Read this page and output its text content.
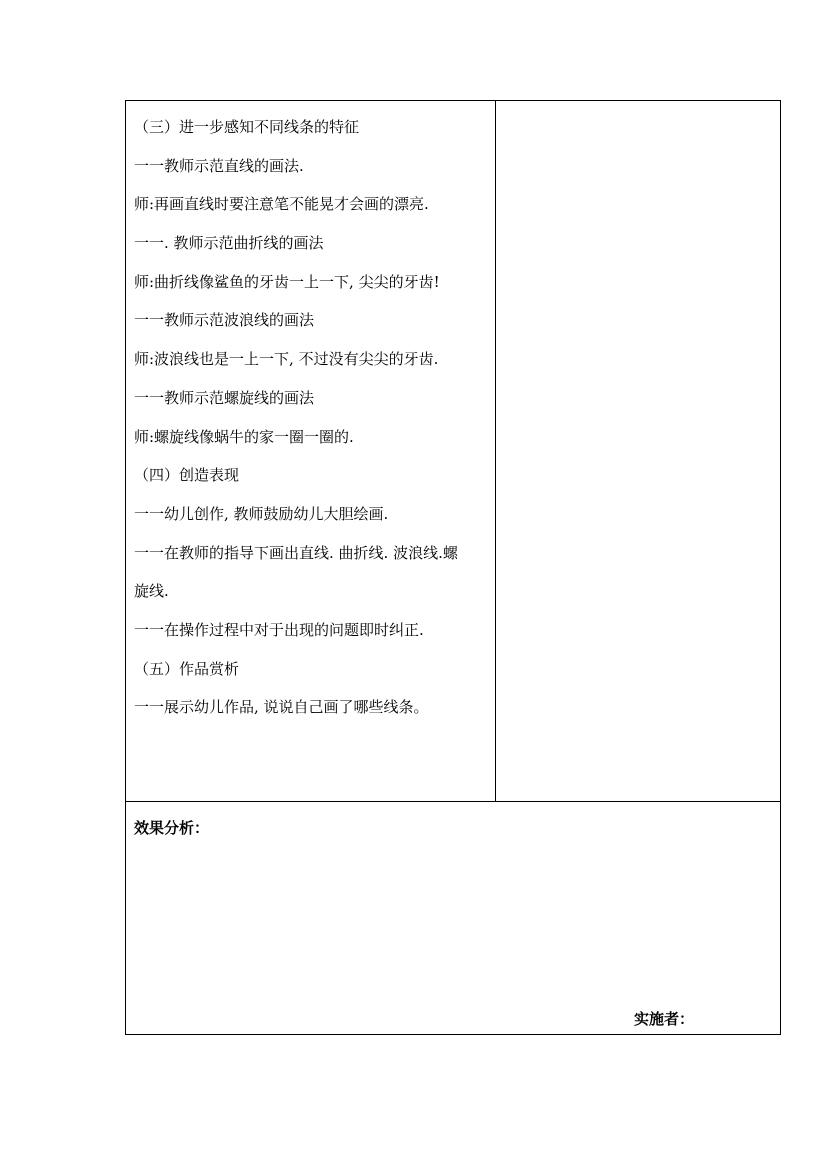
（三）进一步感知不同线条的特征
一一教师示范直线的画法.
师:再画直线时要注意笔不能晃才会画的漂亮.
一一. 教师示范曲折线的画法
师:曲折线像鲨鱼的牙齿一上一下, 尖尖的牙齿!
一一教师示范波浪线的画法
师:波浪线也是一上一下, 不过没有尖尖的牙齿.
一一教师示范螺旋线的画法
师:螺旋线像蜗牛的家一圈一圈的.
（四）创造表现
一一幼儿创作, 教师鼓励幼儿大胆绘画.
一一在教师的指导下画出直线. 曲折线. 波浪线.螺
旋线.
一一在操作过程中对于出现的问题即时纠正.
（五）作品赏析
一一展示幼儿作品, 说说自己画了哪些线条。
效果分析：
实施者：
